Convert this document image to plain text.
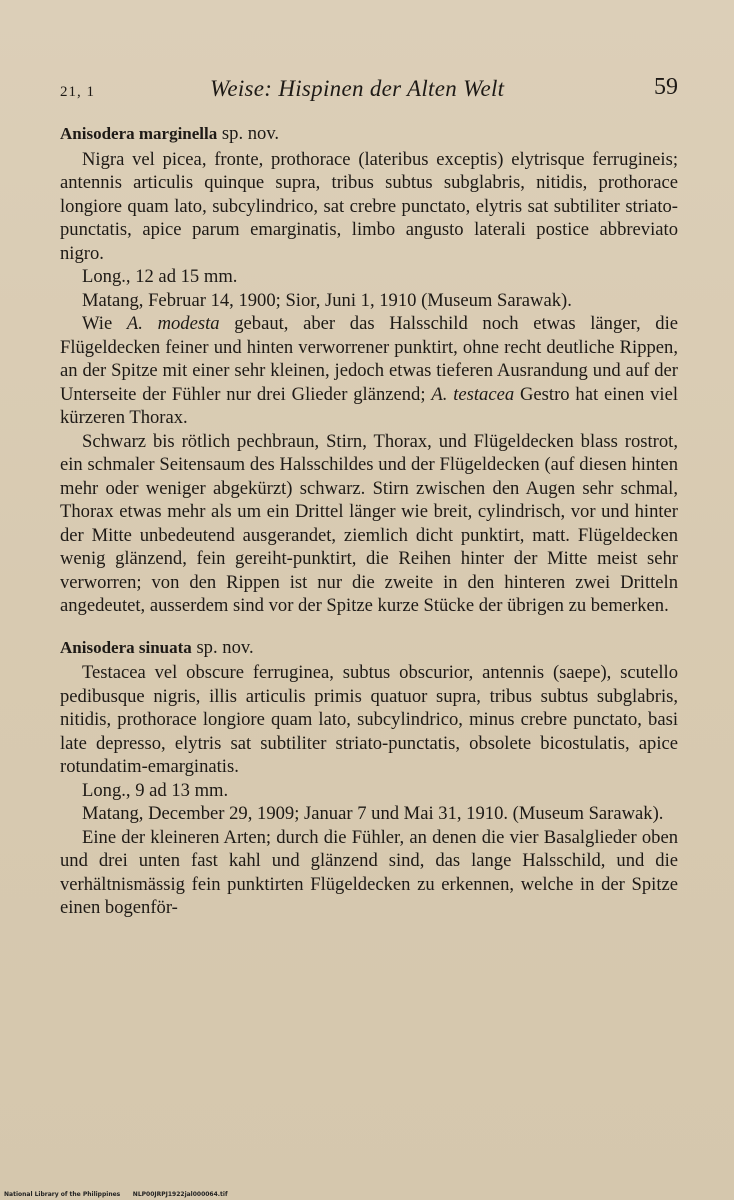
21, 1	Weise: Hispinen der Alten Welt	59
Anisodera marginella sp. nov.

Nigra vel picea, fronte, prothorace (lateribus exceptis) elytrisque ferrugineis; antennis articulis quinque supra, tribus subtus subglabris, nitidis, prothorace longiore quam lato, subcylindrico, sat crebre punctato, elytris sat subtiliter striato-punctatis, apice parum emarginatis, limbo angusto laterali postice abbreviato nigro.

Long., 12 ad 15 mm.

Matang, Februar 14, 1900; Sior, Juni 1, 1910 (Museum Sarawak).

Wie A. modesta gebaut, aber das Halsschild noch etwas länger, die Flügeldecken feiner und hinten verworrener punktirt, ohne recht deutliche Rippen, an der Spitze mit einer sehr kleinen, jedoch etwas tieferen Ausrandung und auf der Unterseite der Fühler nur drei Glieder glänzend; A. testacea Gestro hat einen viel kürzeren Thorax.

Schwarz bis rötlich pechbraun, Stirn, Thorax, und Flügeldecken blass rostrot, ein schmaler Seitensaum des Halsschildes und der Flügeldecken (auf diesen hinten mehr oder weniger abgekürzt) schwarz. Stirn zwischen den Augen sehr schmal, Thorax etwas mehr als um ein Drittel länger wie breit, cylindrisch, vor und hinter der Mitte unbedeutend ausgerandet, ziemlich dicht punktirt, matt. Flügeldecken wenig glänzend, fein gereiht-punktirt, die Reihen hinter der Mitte meist sehr verworren; von den Rippen ist nur die zweite in den hinteren zwei Dritteln angedeutet, ausserdem sind vor der Spitze kurze Stücke der übrigen zu bemerken.

Anisodera sinuata sp. nov.

Testacea vel obscure ferruginea, subtus obscurior, antennis (saepe), scutello pedibusque nigris, illis articulis primis quatuor supra, tribus subtus subglabris, nitidis, prothorace longiore quam lato, subcylindrico, minus crebre punctato, basi late depresso, elytris sat subtiliter striato-punctatis, obsolete bicostulatis, apice rotundatim-emarginatis.

Long., 9 ad 13 mm.

Matang, December 29, 1909; Januar 7 und Mai 31, 1910. (Museum Sarawak).

Eine der kleineren Arten; durch die Fühler, an denen die vier Basalglieder oben und drei unten fast kahl und glänzend sind, das lange Halsschild, und die verhältnismässig fein punktirten Flügeldecken zu erkennen, welche in der Spitze einen bogenför-

National Library of the Philippines NLP00JRPJ1922jal000064.tif
